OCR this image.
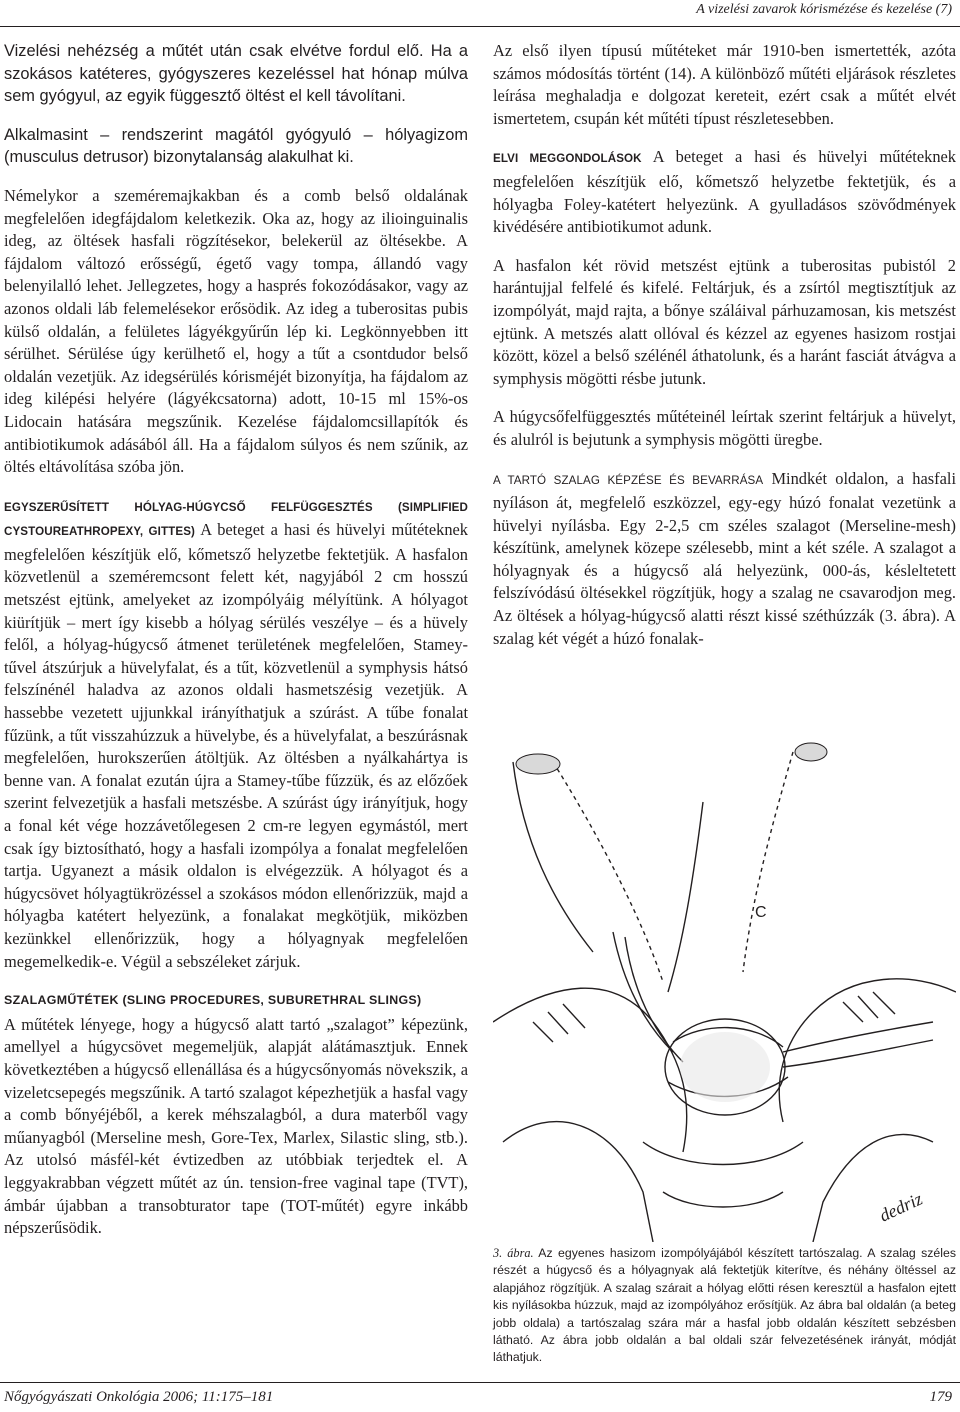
A vizelési zavarok kórismézése és kezelése (7)

Vizelési nehézség a műtét után csak elvétve fordul elő. Ha a szokásos katéteres, gyógyszeres kezeléssel hat hónap múlva sem gyógyul, az egyik függesztő öltést el kell távolítani.

Alkalmasint – rendszerint magától gyógyuló – hólyagizom (musculus detrusor) bizonytalanság alakulhat ki.

Némelykor a szeméremajkakban és a comb belső oldalának megfelelően idegfájdalom keletkezik. Oka az, hogy az ilioinguinalis ideg, az öltések hasfali rögzítésekor, belekerül az öltésekbe. A fájdalom változó erősségű, égető vagy tompa, állandó vagy belenyilalló lehet. Jellegzetes, hogy a hasprés fokozódásakor, vagy az azonos oldali láb felemelésekor erősödik. Az ideg a tuberositas pubis külső oldalán, a felületes lágyékgyűrűn lép ki. Legkönnyebben itt sérülhet. Sérülése úgy kerülhető el, hogy a tűt a csontdudor belső oldalán vezetjük. Az idegsérülés kórisméjét bizonyítja, ha fájdalom az ideg kilépési helyére (lágyékcsatorna) adott, 10-15 ml 15%-os Lidocain hatására megszűnik. Kezelése fájdalomcsillapítók és antibiotikumok adásából áll. Ha a fájdalom súlyos és nem szűnik, az öltés eltávolítása szóba jön.

EGYSZERŰSÍTETT HÓLYAG-HÚGYCSŐ FELFÜGGESZTÉS (SIMPLIFIED CYSTOUREATHROPEXY, GITTES) A beteget a hasi és hüvelyi műtéteknek megfelelően készítjük elő, kőmetsző helyzetbe fektetjük. A hasfalon közvetlenül a szeméremcsont felett két, nagyjából 2 cm hosszú metszést ejtünk, amelyeket az izompólyáig mélyítünk. A hólyagot kiürítjük – mert így kisebb a hólyag sérülés veszélye – és a hüvely felől, a hólyag-húgycső átmenet területének megfelelően, Stamey-tűvel átszúrjuk a hüvelyfalat, és a tűt, közvetlenül a symphysis hátsó felszínénél haladva az azonos oldali hasmetszésig vezetjük. A hassebbe vezetett ujjunkkal irányíthatjuk a szúrást. A tűbe fonalat fűzünk, a tűt visszahúzzuk a hüvelybe, és a hüvelyfalat, a beszúrásnak megfelelően, hurokszerűen átöltjük. Az öltésben a nyálkahártya is benne van. A fonalat ezután újra a Stamey-tűbe fűzzük, és az előzőek szerint felvezetjük a hasfali metszésbe. A szúrást úgy irányítjuk, hogy a fonal két vége hozzávetőlegesen 2 cm-re legyen egymástól, mert csak így biztosítható, hogy a hasfali izompólya a fonalat megfelelően tartja. Ugyanezt a másik oldalon is elvégezzük. A hólyagot és a húgycsövet hólyagtükrözéssel a szokásos módon ellenőrizzük, majd a hólyagba katétert helyezünk, a fonalakat megkötjük, miközben kezünkkel ellenőrizzük, hogy a hólyagnyak megfelelően megemelkedik-e. Végül a sebszéleket zárjuk.

SZALAGMŰTÉTEK (SLING PROCEDURES, SUBURETHRAL SLINGS)

A műtétek lényege, hogy a húgycső alatt tartó „szalagot” képezünk, amellyel a húgycsövet megemeljük, alapját alátámasztjuk. Ennek következtében a húgycső ellenállása és a húgycsőnyomás növekszik, a vizeletcsepegés megszűnik. A tartó szalagot képezhetjük a hasfal vagy a comb bőnyéjéből, a kerek méhszalagból, a dura materből vagy műanyagból (Merseline mesh, Gore-Tex, Marlex, Silastic sling, stb.). Az utolsó másfél-két évtizedben az utóbbiak terjedtek el. A leggyakrabban végzett műtét az ún. tension-free vaginal tape (TVT), ámbár újabban a transobturator tape (TOT-műtét) egyre inkább népszerűsödik.

Az első ilyen típusú műtéteket már 1910-ben ismertették, azóta számos módosítás történt (14). A különböző műtéti eljárások részletes leírása meghaladja e dolgozat kereteit, ezért csak a műtét elvét ismertetem, csupán két műtéti típust részletesebben.

ELVI MEGGONDOLÁSOK A beteget a hasi és hüvelyi műtéteknek megfelelően készítjük elő, kőmetsző helyzetbe fektetjük, és a hólyagba Foley-katétert helyezünk. A gyulladásos szövődmények kivédésére antibiotikumot adunk.

A hasfalon két rövid metszést ejtünk a tuberositas pubistól 2 harántujjal felfelé és kifelé. Feltárjuk, és a zsírtól megtisztítjuk az izompólyát, majd rajta, a bőnye száláival párhuzamosan, kis metszést ejtünk. A metszés alatt ollóval és kézzel az egyenes hasizom rostjai között, közel a belső szélénél áthatolunk, és a haránt fasciát átvágva a symphysis mögötti résbe jutunk.

A húgycsőfelfüggesztés műtéteinél leírtak szerint feltárjuk a hüvelyt, és alulról is bejutunk a symphysis mögötti üregbe.

A TARTÓ SZALAG KÉPZÉSE ÉS BEVARRÁSA Mindkét oldalon, a hasfali nyíláson át, megfelelő eszközzel, egy-egy húzó fonalat vezetünk a hüvelyi nyílásba. Egy 2-2,5 cm széles szalagot (Merseline-mesh) készítünk, amelynek közepe szélesebb, mint a két széle. A szalagot a hólyagnyak és a húgycső alá helyezünk, 000-ás, késleltetett felszívódású öltésekkel rögzítjük, hogy a szalag ne csavarodjon meg. Az öltések a hólyag-húgycső alatti részt kissé széthúzzák (3. ábra). A szalag két végét a húzó fonalak-

C
dedriz
3. ábra. Az egyenes hasizom izompólyájából készített tartószalag. A szalag széles részét a húgycső és a hólyagnyak alá fektetjük kiterítve, és néhány öltéssel az alapjához rögzítjük. A szalag szárait a hólyag előtti résen keresztül a hasfalon ejtett kis nyílásokba húzzuk, majd az izompólyához erősítjük. Az ábra bal oldalán (a beteg jobb oldala) a tartószalag szára már a hasfal jobb oldalán készített sebzésben látható. Az ábra jobb oldalán a bal oldali szár felvezetésének irányát, módját láthatjuk.
Nőgyógyászati Onkológia 2006; 11:175–181	179
